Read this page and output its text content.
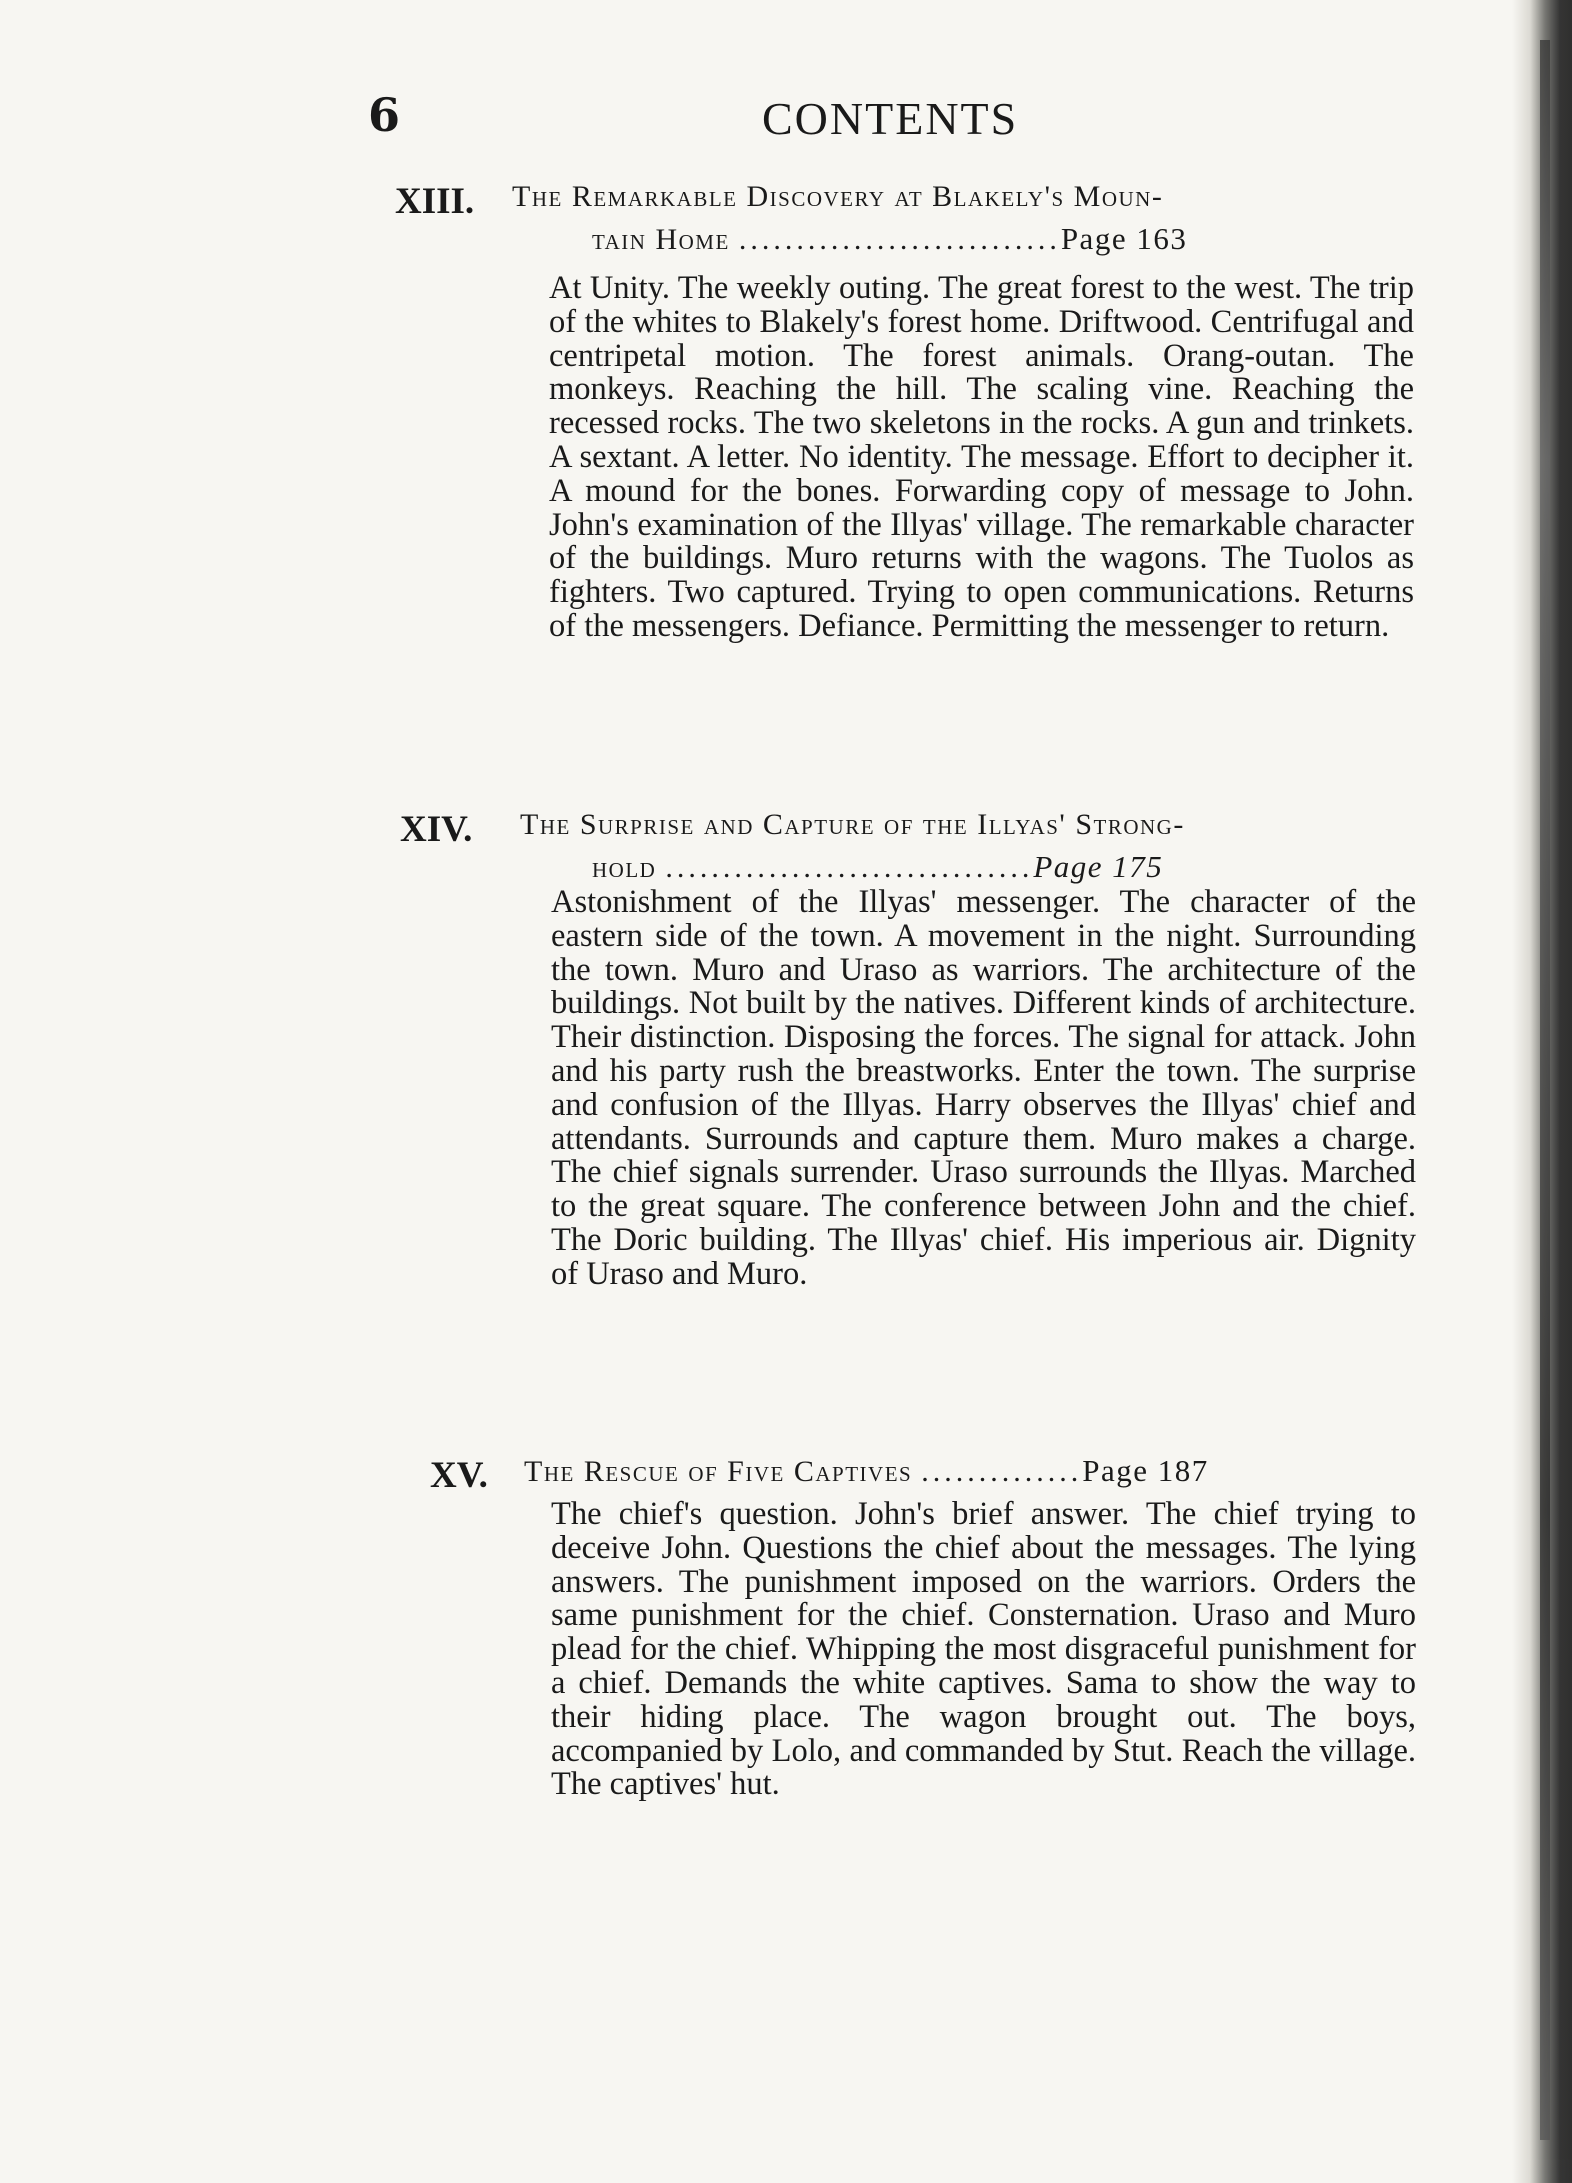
6	CONTENTS
XIII. The Remarkable Discovery at Blakely's Moun-
tain Home ............................Page 163
At Unity. The weekly outing. The great forest to the west. The trip of the whites to Blakely's forest home. Driftwood. Centrifugal and centripetal motion. The forest animals. Orang-outan. The monkeys. Reaching the hill. The scaling vine. Reaching the recessed rocks. The two skeletons in the rocks. A gun and trinkets. A sextant. A letter. No identity. The message. Effort to decipher it. A mound for the bones. Forwarding copy of message to John. John's examination of the Illyas' village. The remarkable character of the buildings. Muro returns with the wagons. The Tuolos as fighters. Two captured. Trying to open communications. Returns of the messengers. Defiance. Permitting the messenger to return.
XIV. The Surprise and Capture of the Illyas' Strong-
hold ................................Page 175
Astonishment of the Illyas' messenger. The character of the eastern side of the town. A movement in the night. Surrounding the town. Muro and Uraso as warriors. The architecture of the buildings. Not built by the natives. Different kinds of architecture. Their distinction. Disposing the forces. The signal for attack. John and his party rush the breastworks. Enter the town. The surprise and confusion of the Illyas. Harry observes the Illyas' chief and attendants. Surrounds and capture them. Muro makes a charge. The chief signals surrender. Uraso surrounds the Illyas. Marched to the great square. The conference between John and the chief. The Doric building. The Illyas' chief. His imperious air. Dignity of Uraso and Muro.
XV. The Rescue of Five Captives ..............Page 187
The chief's question. John's brief answer. The chief trying to deceive John. Questions the chief about the messages. The lying answers. The punishment imposed on the warriors. Orders the same punishment for the chief. Consternation. Uraso and Muro plead for the chief. Whipping the most disgraceful punishment for a chief. Demands the white captives. Sama to show the way to their hiding place. The wagon brought out. The boys, accompanied by Lolo, and commanded by Stut. Reach the village. The captives' hut.
